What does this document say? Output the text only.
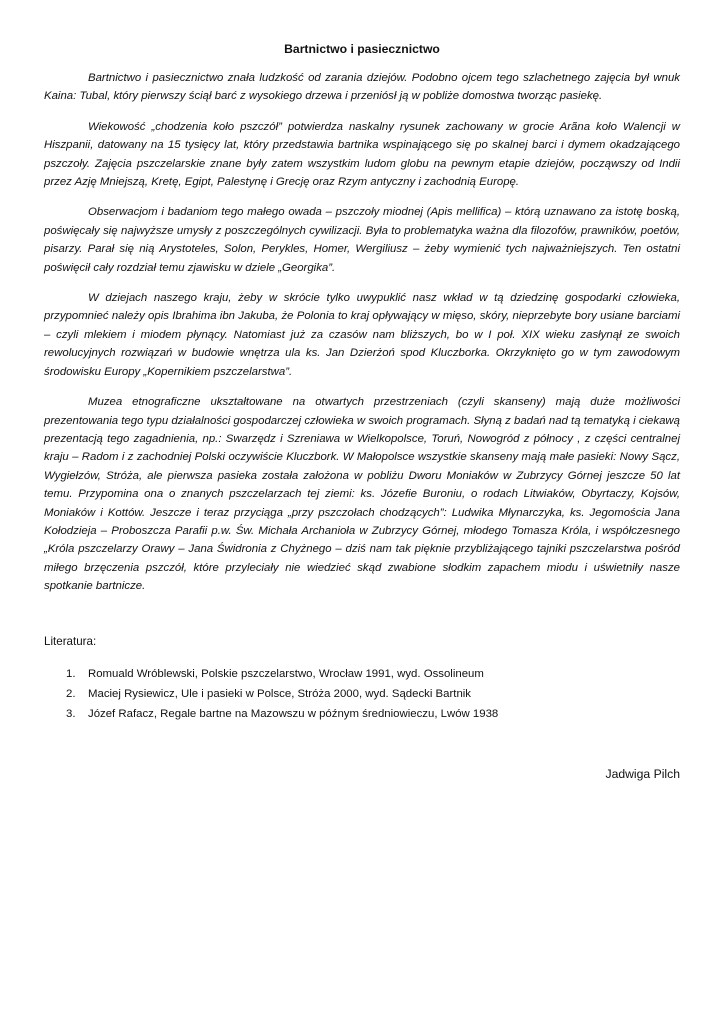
Bartnictwo i pasiecznictwo

Bartnictwo i pasiecznictwo znała ludzkość od zarania dziejów. Podobno ojcem tego szlachetnego zajęcia był wnuk Kaina: Tubal, który pierwszy ściął barć z wysokiego drzewa i przeniósł ją w pobliże domostwa tworząc pasiekę.

Wiekowość „chodzenia koło pszczół” potwierdza naskalny rysunek zachowany w grocie Arãna koło Walencji w Hiszpanii, datowany na 15 tysięcy lat, który przedstawia bartnika wspinającego się po skalnej barci i dymem okadzającego pszczoły. Zajęcia pszczelarskie znane były zatem wszystkim ludom globu na pewnym etapie dziejów, począwszy od Indii przez Azję Mniejszą, Kretę, Egipt, Palestynę i Grecję oraz Rzym antyczny i zachodnią Europę.

Obserwacjom i badaniom tego małego owada – pszczoły miodnej (Apis mellifica) – którą uznawano za istotę boską, poświęcały się najwyższe umysły z poszczególnych cywilizacji. Była to problematyka ważna dla filozofów, prawników, poetów, pisarzy. Parał się nią Arystoteles, Solon, Perykles, Homer, Wergiliusz – żeby wymienić tych najważniejszych. Ten ostatni poświęcił cały rozdział temu zjawisku w dziele „Georgika”.

W dziejach naszego kraju, żeby w skrócie tylko uwypuklić nasz wkład w tą dziedzinę gospodarki człowieka, przypomnieć należy opis Ibrahima ibn Jakuba, że Polonia to kraj opływający w mięso, skóry, nieprzebyte bory usiane barciami – czyli mlekiem i miodem płynący. Natomiast już za czasów nam bliższych, bo w I poł. XIX wieku zasłynął ze swoich rewolucyjnych rozwiązań w budowie wnętrza ula ks. Jan Dzierżoń spod Kluczborka. Okrzyknięto go w tym zawodowym środowisku Europy „Kopernikiem pszczelarstwa”.

Muzea etnograficzne ukształtowane na otwartych przestrzeniach (czyli skanseny) mają duże możliwości prezentowania tego typu działalności gospodarczej człowieka w swoich programach. Słyną z badań nad tą tematyką i ciekawą prezentacją tego zagadnienia, np.: Swarzędz i Szreniawa w Wielkopolsce, Toruń, Nowogród z północy , z części centralnej kraju – Radom i z zachodniej Polski oczywiście Kluczbork. W Małopolsce wszystkie skanseny mają małe pasieki: Nowy Sącz, Wygiełzów, Stróża, ale pierwsza pasieka została założona w pobliżu Dworu Moniaków w Zubrzycy Górnej jeszcze 50 lat temu. Przypomina ona o znanych pszczelarzach tej ziemi: ks. Józefie Buroniu, o rodach Litwiaków, Obyrtaczy, Kojsów, Moniaków i Kottów. Jeszcze i teraz przyciąga „przy pszczołach chodzących”: Ludwika Młynarczyka, ks. Jegomościa Jana Kołodzieja – Proboszcza Parafii p.w. Św. Michała Archanioła w Zubrzycy Górnej, młodego Tomasza Króla, i współczesnego „Króla pszczelarzy Orawy – Jana Świdronia z Chyżnego – dziś nam tak pięknie przybliżającego tajniki pszczelarstwa pośród miłego brzęczenia pszczół, które przyleciały nie wiedzieć skąd zwabione słodkim zapachem miodu i uświetniły nasze spotkanie bartnicze.

Literatura:
1.	Romuald Wróblewski, Polskie pszczelarstwo, Wrocław 1991, wyd. Ossolineum
2.	Maciej Rysiewicz, Ule i pasieki w Polsce, Stróża 2000, wyd. Sądecki Bartnik
3.	Józef Rafacz, Regale bartne na Mazowszu w późnym średniowieczu, Lwów 1938
Jadwiga Pilch
